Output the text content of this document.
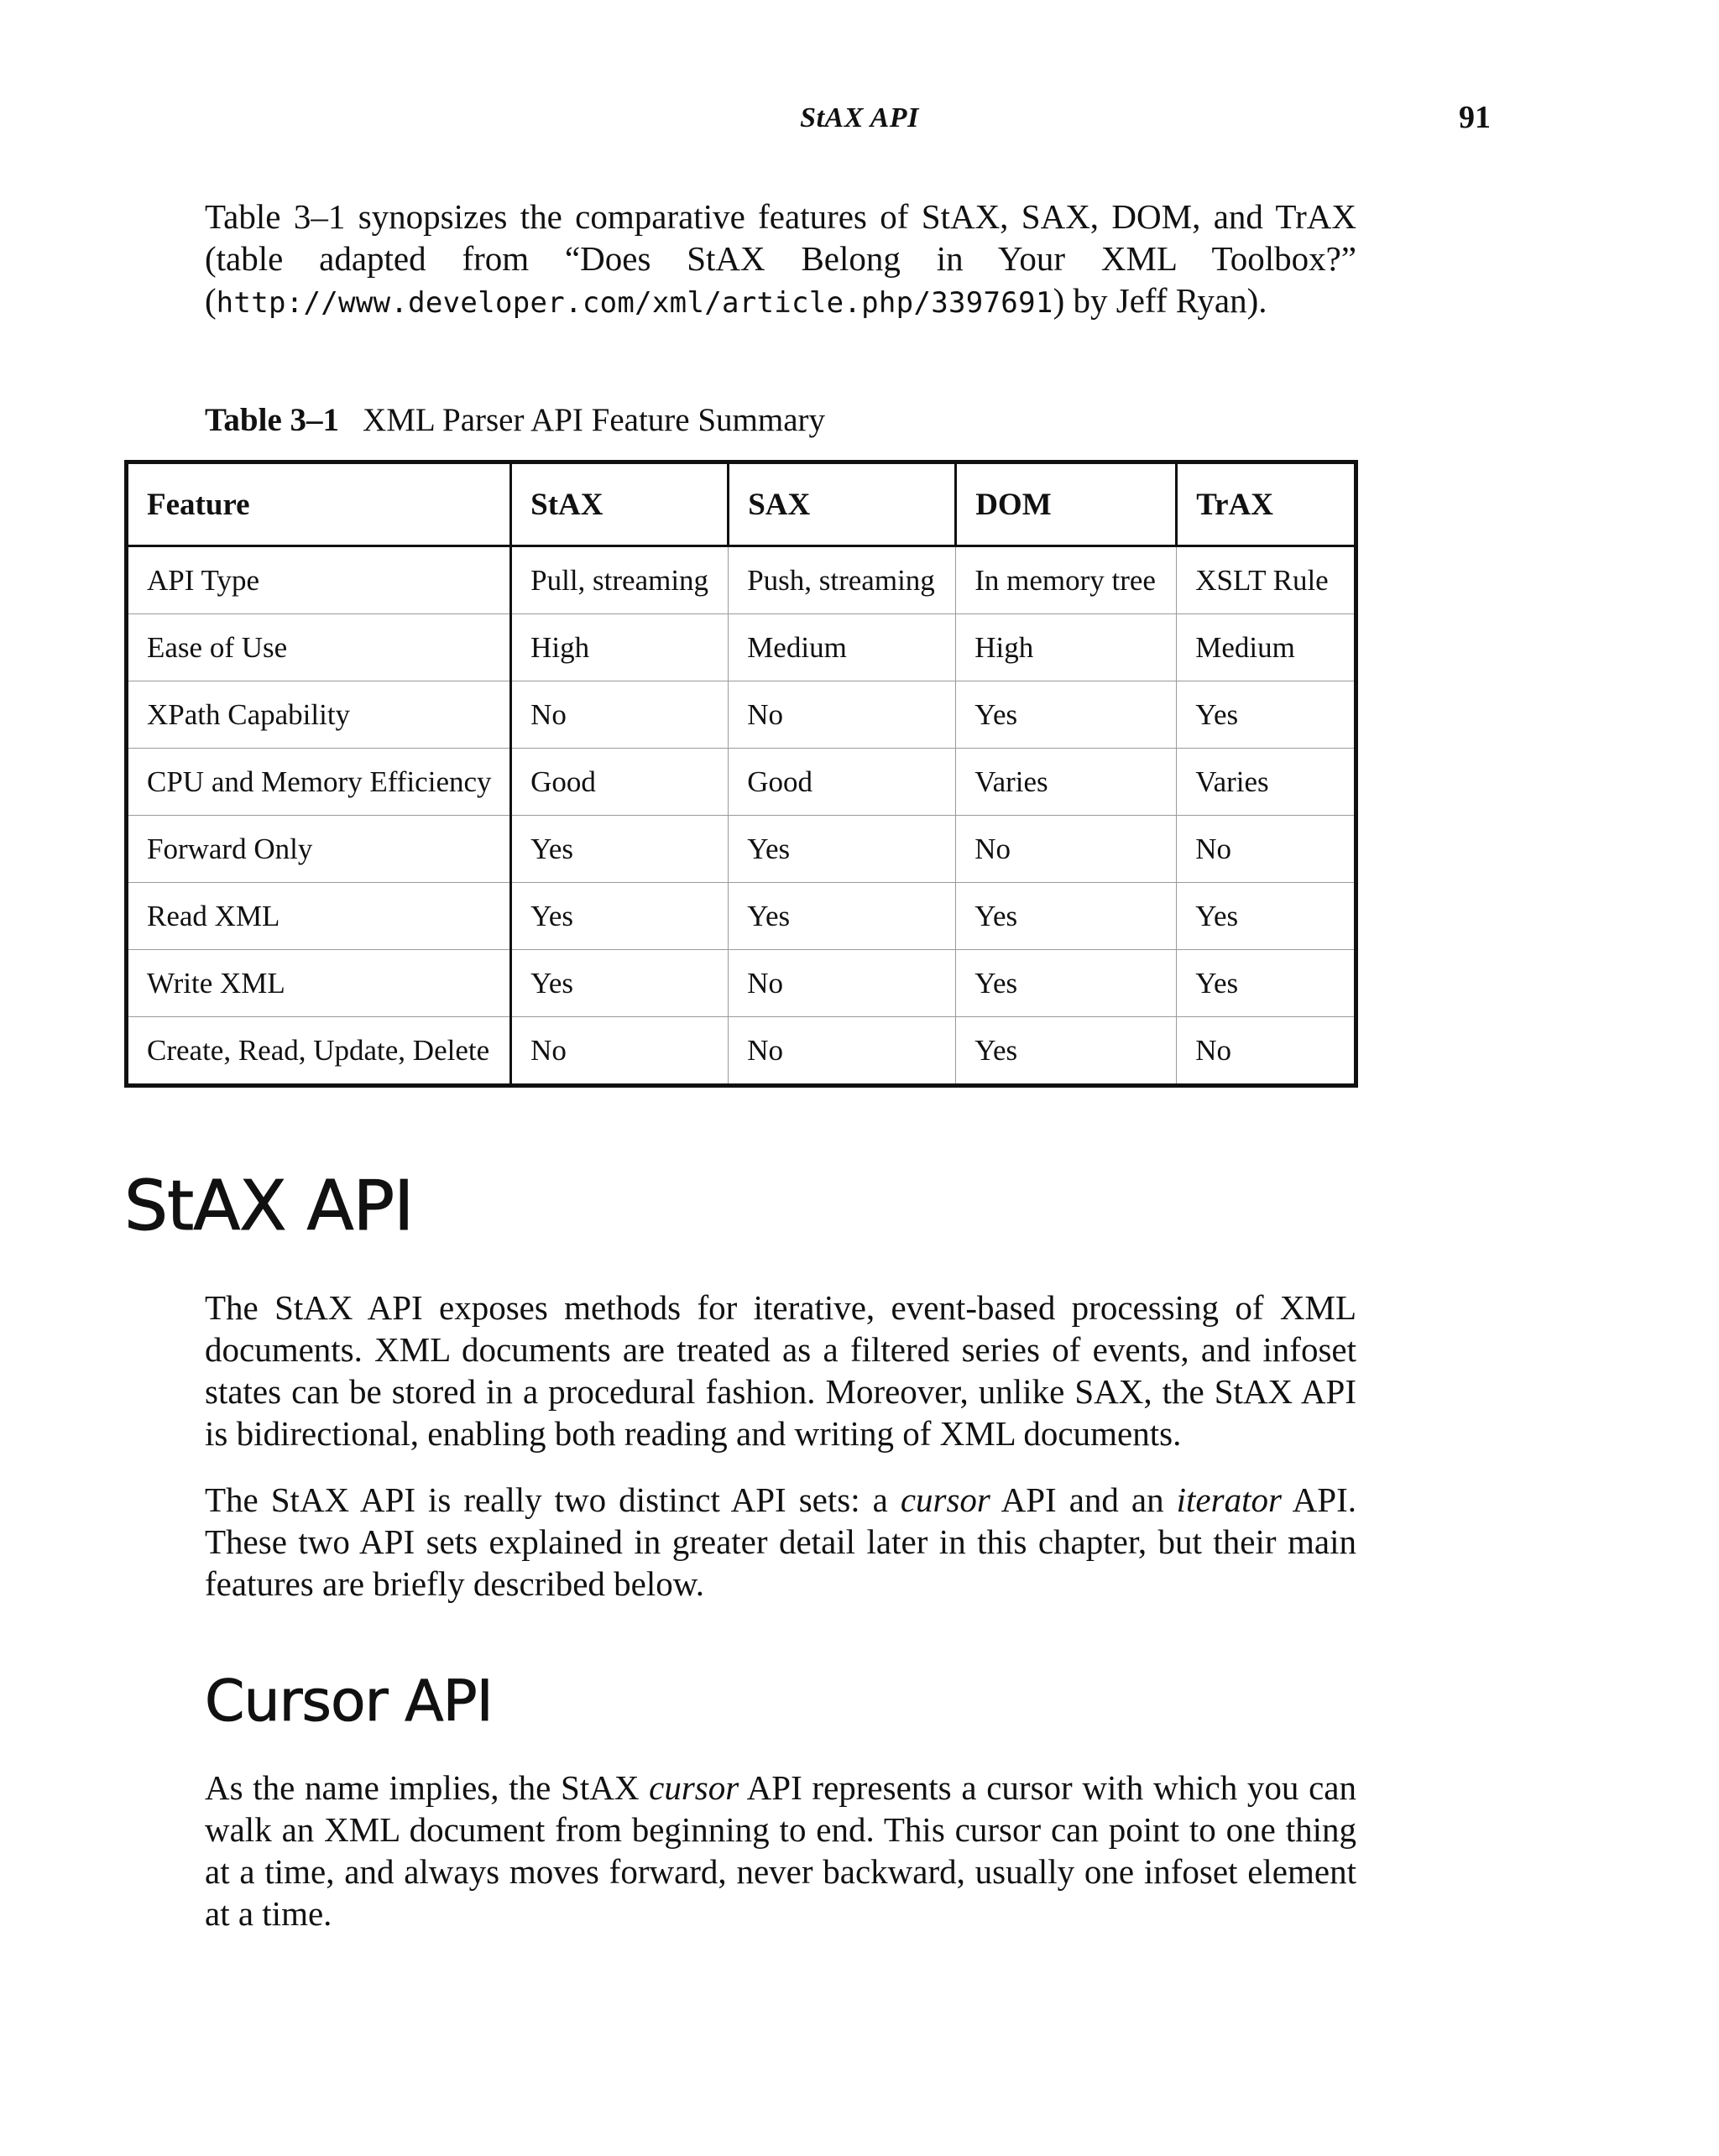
StAX API	91

Table 3–1 synopsizes the comparative features of StAX, SAX, DOM, and TrAX (table adapted from “Does StAX Belong in Your XML Toolbox?” (http://www.developer.com/xml/article.php/3397691) by Jeff Ryan).

Table 3–1 XML Parser API Feature Summary
Feature	StAX	SAX	DOM	TrAX
API Type	Pull, streaming	Push, streaming	In memory tree	XSLT Rule
Ease of Use	High	Medium	High	Medium
XPath Capability	No	No	Yes	Yes
CPU and Memory Efficiency	Good	Good	Varies	Varies
Forward Only	Yes	Yes	No	No
Read XML	Yes	Yes	Yes	Yes
Write XML	Yes	No	Yes	Yes
Create, Read, Update, Delete	No	No	Yes	No
StAX API

The StAX API exposes methods for iterative, event-based processing of XML documents. XML documents are treated as a filtered series of events, and infoset states can be stored in a procedural fashion. Moreover, unlike SAX, the StAX API is bidirectional, enabling both reading and writing of XML documents.

The StAX API is really two distinct API sets: a cursor API and an iterator API. These two API sets explained in greater detail later in this chapter, but their main features are briefly described below.

Cursor API

As the name implies, the StAX cursor API represents a cursor with which you can walk an XML document from beginning to end. This cursor can point to one thing at a time, and always moves forward, never backward, usually one infoset element at a time.
